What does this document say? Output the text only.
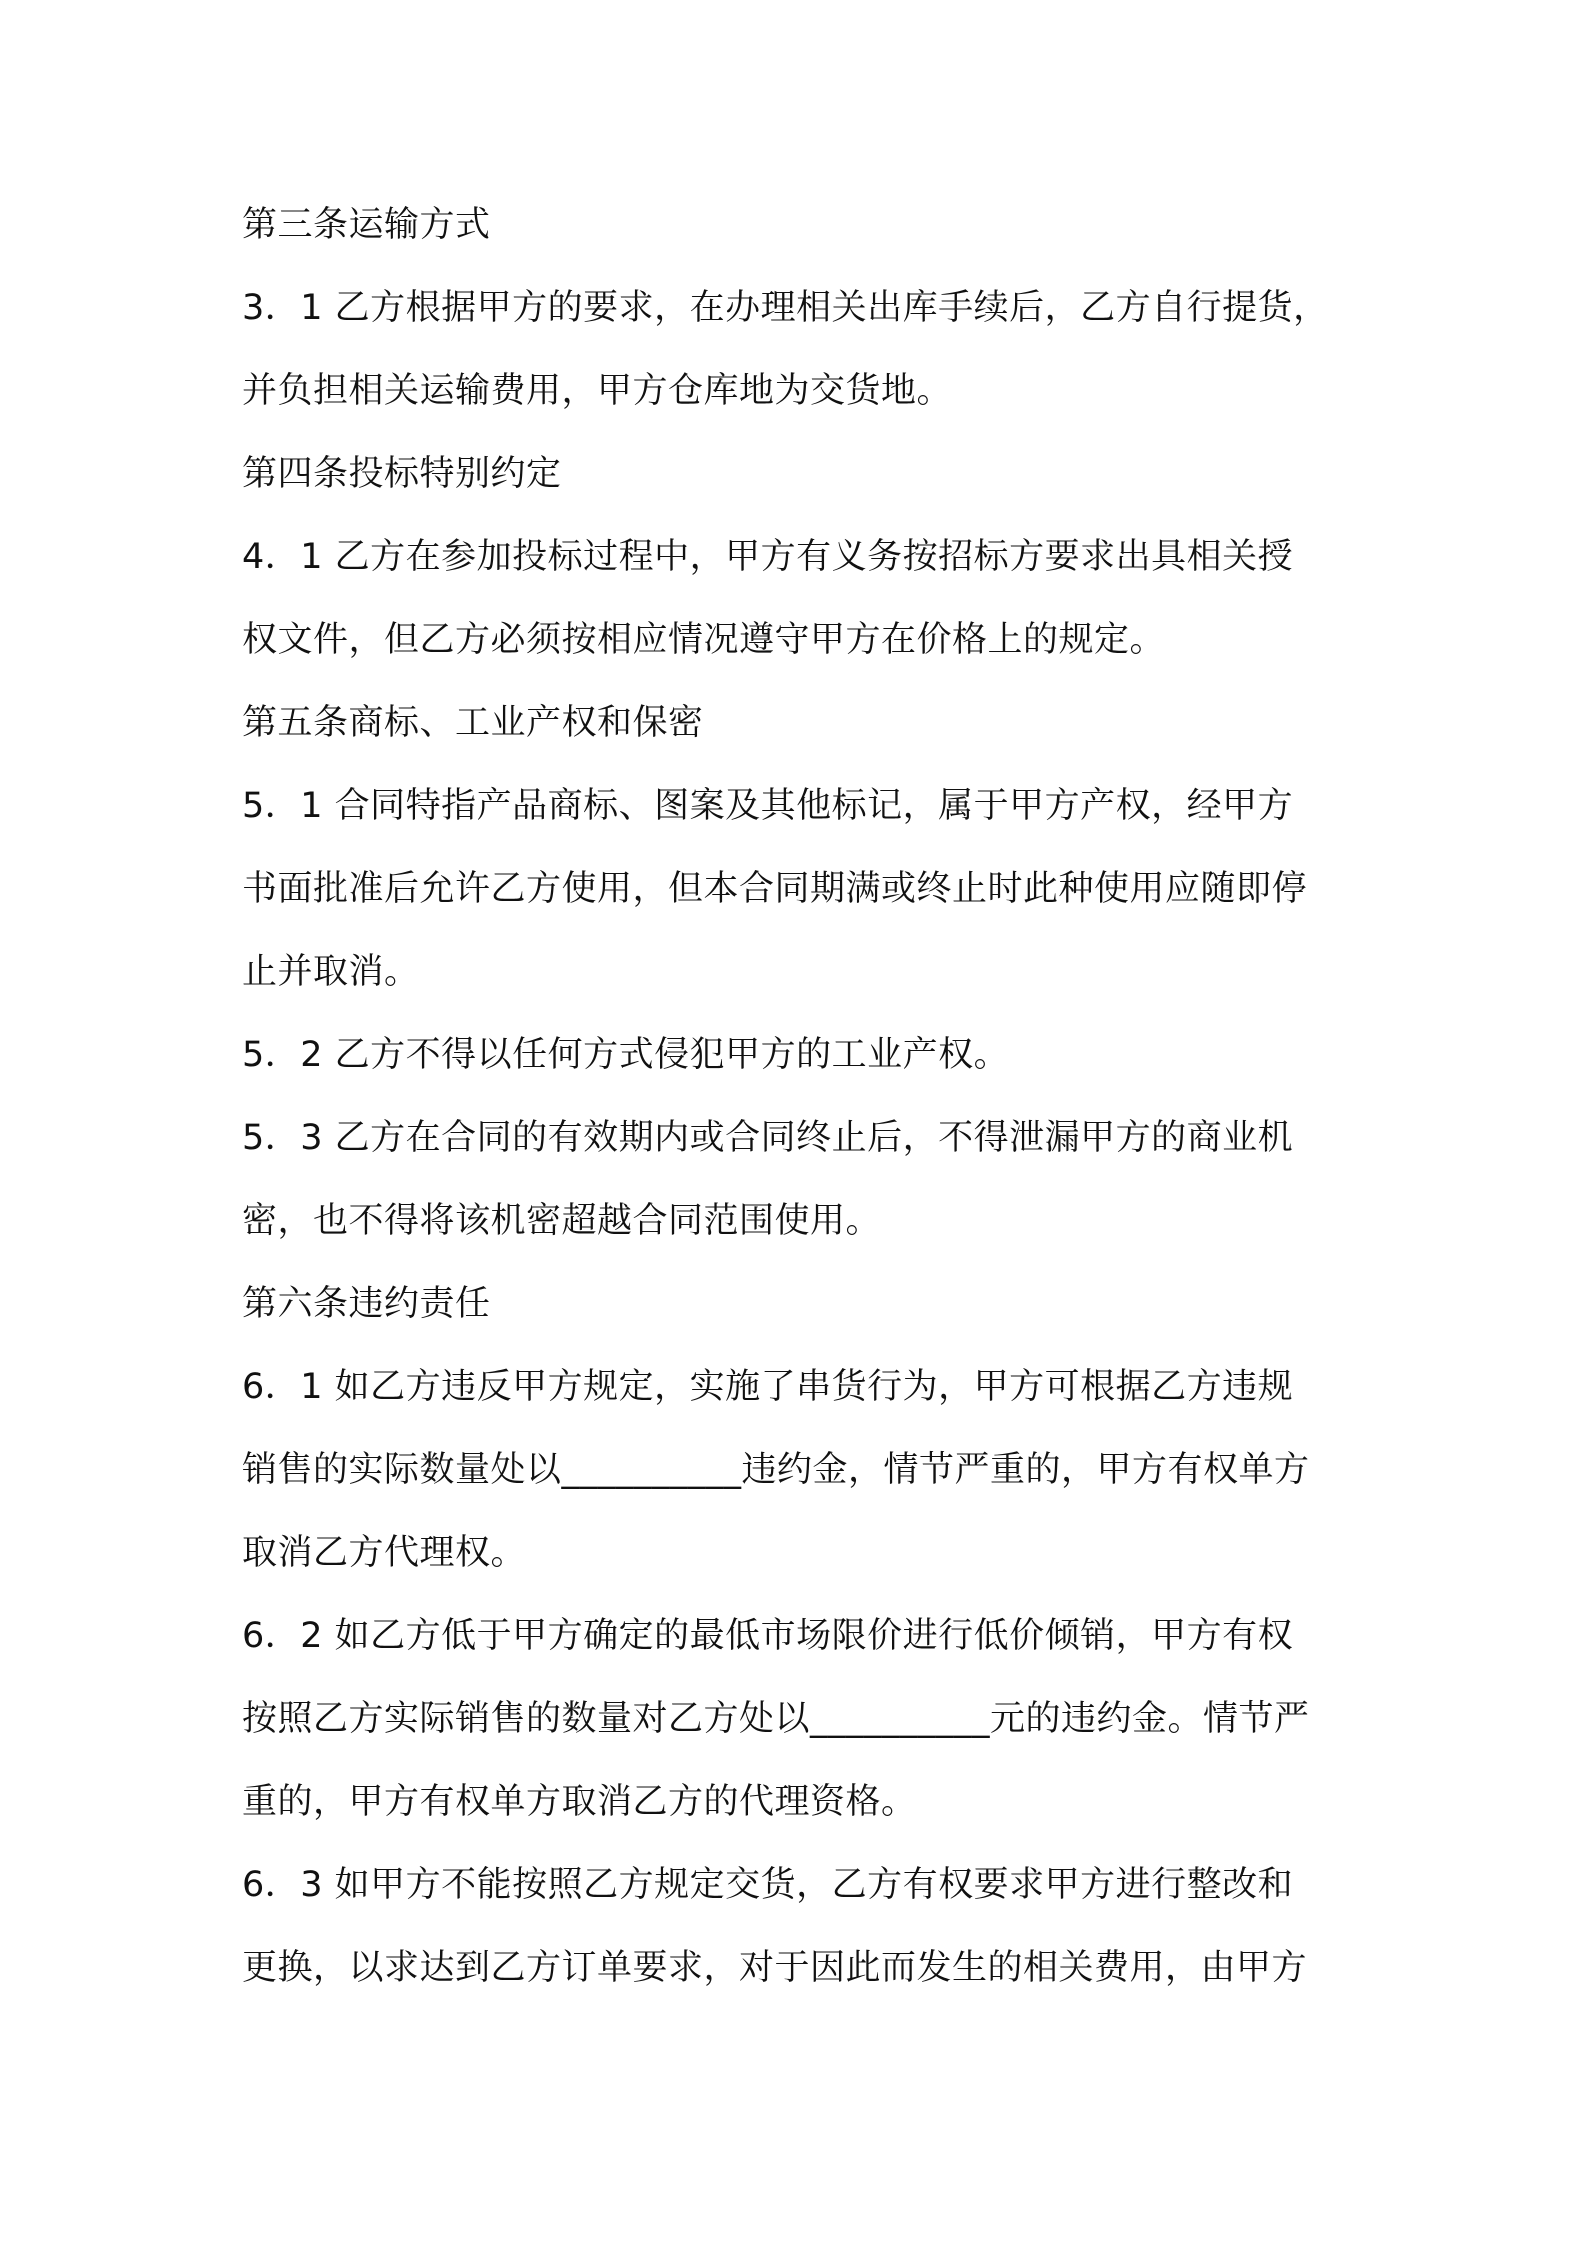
第三条运输方式
3．1 乙方根据甲方的要求，在办理相关出库手续后，乙方自行提货，
并负担相关运输费用，甲方仓库地为交货地。
第四条投标特别约定
4．1 乙方在参加投标过程中，甲方有义务按招标方要求出具相关授
权文件，但乙方必须按相应情况遵守甲方在价格上的规定。
第五条商标、工业产权和保密
5．1 合同特指产品商标、图案及其他标记，属于甲方产权，经甲方
书面批准后允许乙方使用，但本合同期满或终止时此种使用应随即停
止并取消。
5．2 乙方不得以任何方式侵犯甲方的工业产权。
5．3 乙方在合同的有效期内或合同终止后，不得泄漏甲方的商业机
密，也不得将该机密超越合同范围使用。
第六条违约责任
6．1 如乙方违反甲方规定，实施了串货行为，甲方可根据乙方违规
销售的实际数量处以__________违约金，情节严重的，甲方有权单方
取消乙方代理权。
6．2 如乙方低于甲方确定的最低市场限价进行低价倾销，甲方有权
按照乙方实际销售的数量对乙方处以__________元的违约金。情节严
重的，甲方有权单方取消乙方的代理资格。
6．3 如甲方不能按照乙方规定交货，乙方有权要求甲方进行整改和
更换，以求达到乙方订单要求，对于因此而发生的相关费用，由甲方
